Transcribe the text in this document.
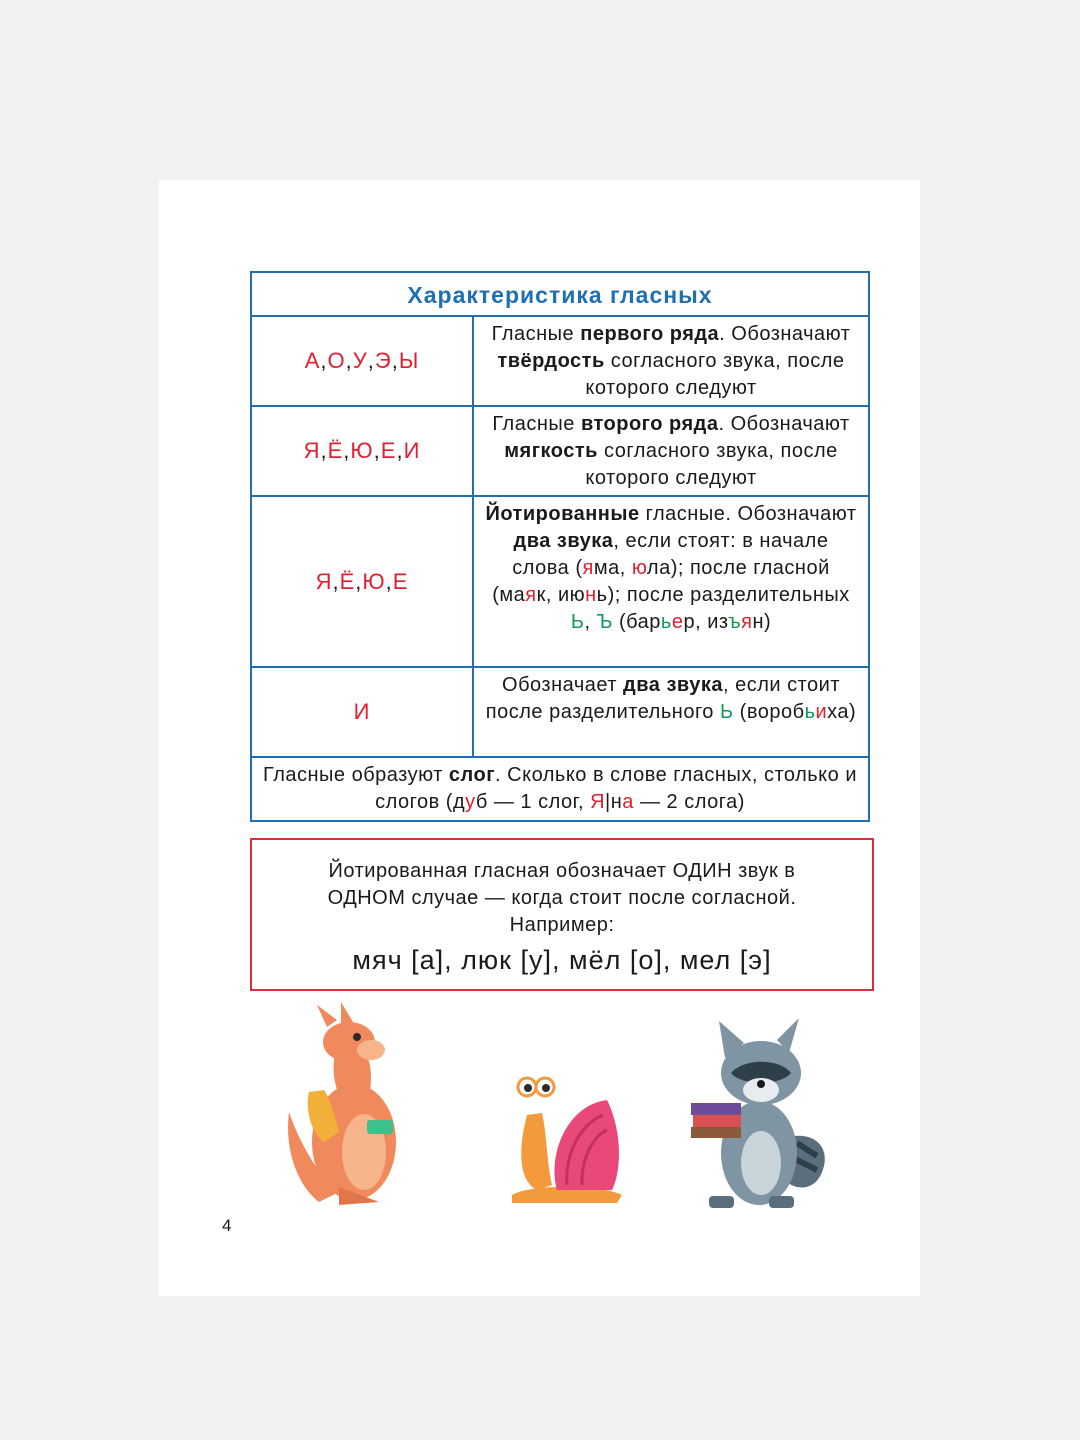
Характеристика гласных
А , О , У , Э , Ы
Гласные первого ряда. Обозначают твёрдость согласного звука, после которого следуют
Я , Ё , Ю , Е , И
Гласные второго ряда. Обозначают мягкость согласного звука, после которого следуют
Я , Ё , Ю , Е
Йотированные гласные. Обозначают два звука, если стоят: в начале слова (яма, юла); после гласной (маяк, июнь); после разделительных Ь, Ъ (барьер, изъян)
И
Обозначает два звука, если стоит после разделительного Ь (воробьиха)
Гласные образуют слог. Сколько в слове гласных, столько и слогов (дуб — 1 слог, Я|на — 2 слога)
Йотированная гласная обозначает ОДИН звук в ОДНОМ случае — когда стоит после согласной. Например:
мяч [а], люк [у], мёл [о], мел [э]
4
